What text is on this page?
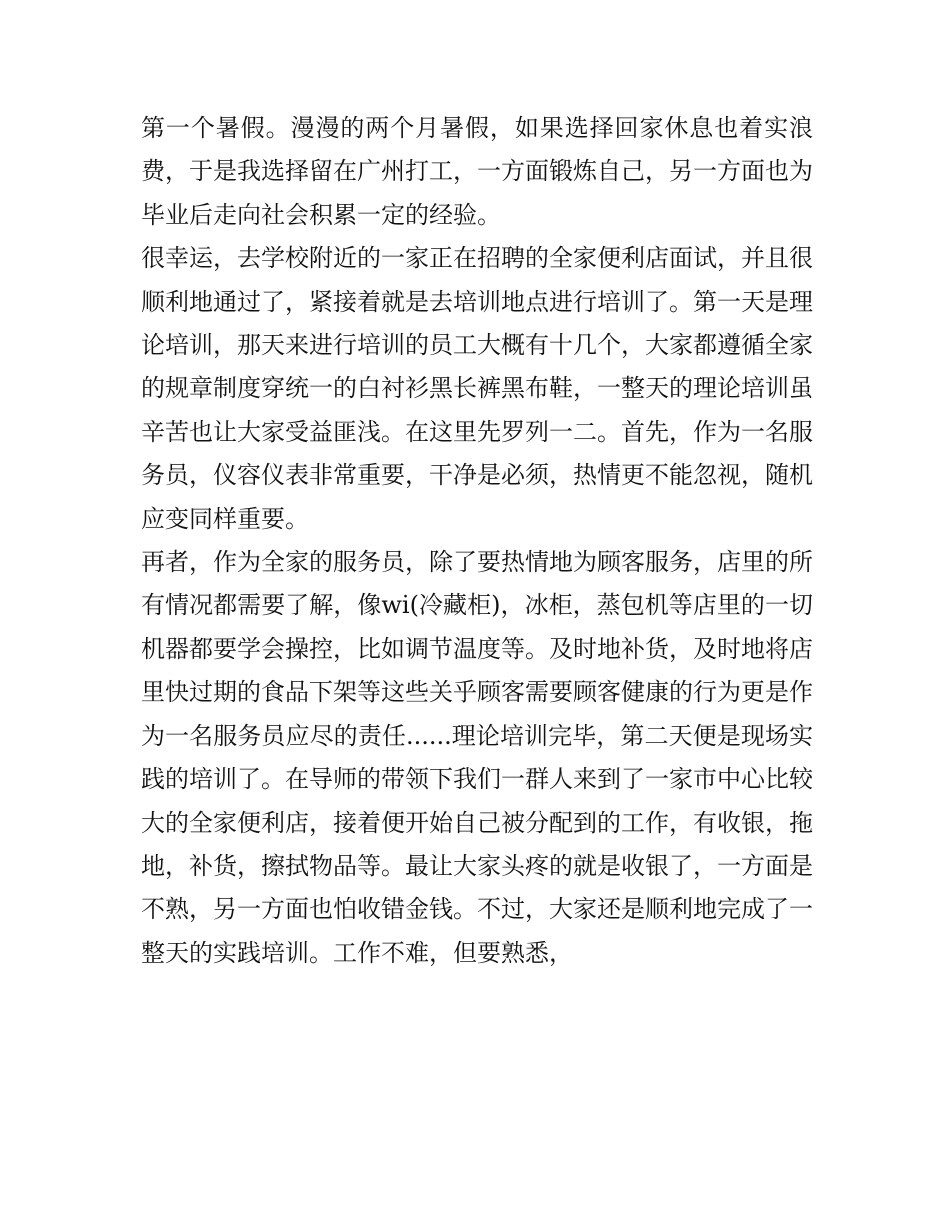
第一个暑假。漫漫的两个月暑假，如果选择回家休息也着实浪费，于是我选择留在广州打工，一方面锻炼自己，另一方面也为毕业后走向社会积累一定的经验。

很幸运，去学校附近的一家正在招聘的全家便利店面试，并且很顺利地通过了，紧接着就是去培训地点进行培训了。第一天是理论培训，那天来进行培训的员工大概有十几个，大家都遵循全家的规章制度穿统一的白衬衫黑长裤黑布鞋，一整天的理论培训虽辛苦也让大家受益匪浅。在这里先罗列一二。首先，作为一名服务员，仪容仪表非常重要，干净是必须，热情更不能忽视，随机应变同样重要。

再者，作为全家的服务员，除了要热情地为顾客服务，店里的所有情况都需要了解，像wi(冷藏柜)，冰柜，蒸包机等店里的一切机器都要学会操控，比如调节温度等。及时地补货，及时地将店里快过期的食品下架等这些关乎顾客需要顾客健康的行为更是作为一名服务员应尽的责任......理论培训完毕，第二天便是现场实践的培训了。在导师的带领下我们一群人来到了一家市中心比较大的全家便利店，接着便开始自己被分配到的工作，有收银，拖地，补货，擦拭物品等。最让大家头疼的就是收银了，一方面是不熟，另一方面也怕收错金钱。不过，大家还是顺利地完成了一整天的实践培训。工作不难，但要熟悉，
